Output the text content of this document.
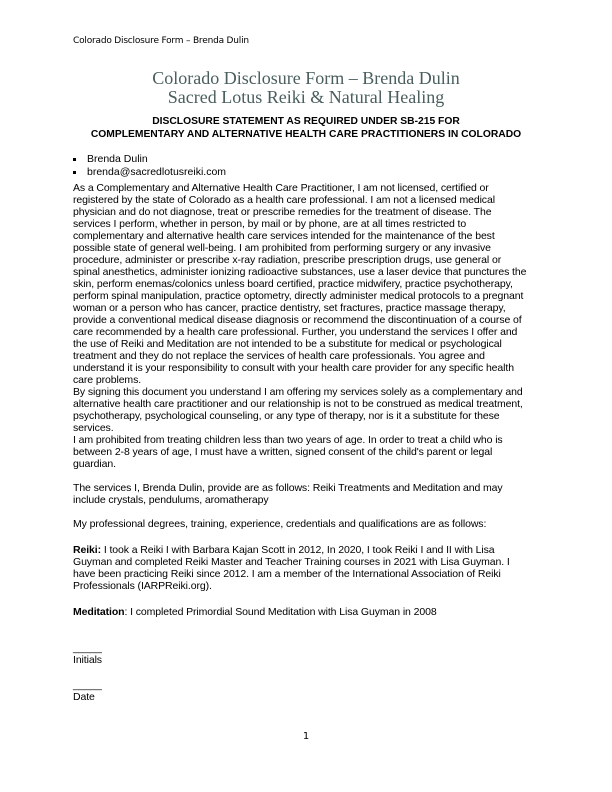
Colorado Disclosure Form – Brenda Dulin
Colorado Disclosure Form – Brenda Dulin
Sacred Lotus Reiki & Natural Healing
DISCLOSURE STATEMENT AS REQUIRED UNDER SB-215 FOR
COMPLEMENTARY AND ALTERNATIVE HEALTH CARE PRACTITIONERS IN COLORADO
Brenda Dulin
brenda@sacredlotusreiki.com
As a Complementary and Alternative Health Care Practitioner, I am not licensed, certified or
registered by the state of Colorado as a health care professional. I am not a licensed medical
physician and do not diagnose, treat or prescribe remedies for the treatment of disease. The
services I perform, whether in person, by mail or by phone, are at all times restricted to
complementary and alternative health care services intended for the maintenance of the best
possible state of general well-being. I am prohibited from performing surgery or any invasive
procedure, administer or prescribe x-ray radiation, prescribe prescription drugs, use general or
spinal anesthetics, administer ionizing radioactive substances, use a laser device that punctures the
skin, perform enemas/colonics unless board certified, practice midwifery, practice psychotherapy,
perform spinal manipulation, practice optometry, directly administer medical protocols to a pregnant
woman or a person who has cancer, practice dentistry, set fractures, practice massage therapy,
provide a conventional medical disease diagnosis or recommend the discontinuation of a course of
care recommended by a health care professional. Further, you understand the services I offer and
the use of Reiki and Meditation are not intended to be a substitute for medical or psychological
treatment and they do not replace the services of health care professionals. You agree and
understand it is your responsibility to consult with your health care provider for any specific health
care problems.
By signing this document you understand I am offering my services solely as a complementary and
alternative health care practitioner and our relationship is not to be construed as medical treatment,
psychotherapy, psychological counseling, or any type of therapy, nor is it a substitute for these
services.
I am prohibited from treating children less than two years of age. In order to treat a child who is
between 2-8 years of age, I must have a written, signed consent of the child's parent or legal
guardian.
The services I, Brenda Dulin, provide are as follows: Reiki Treatments and Meditation and may
include crystals, pendulums, aromatherapy
My professional degrees, training, experience, credentials and qualifications are as follows:
Reiki: I took a Reiki I with Barbara Kajan Scott in 2012, In 2020, I took Reiki I and II with Lisa
Guyman and completed Reiki Master and Teacher Training courses in 2021 with Lisa Guyman. I
have been practicing Reiki since 2012. I am a member of the International Association of Reiki
Professionals (IARPReiki.org).
Meditation: I completed Primordial Sound Meditation with Lisa Guyman in 2008
_____
Initials
_____
Date
1
